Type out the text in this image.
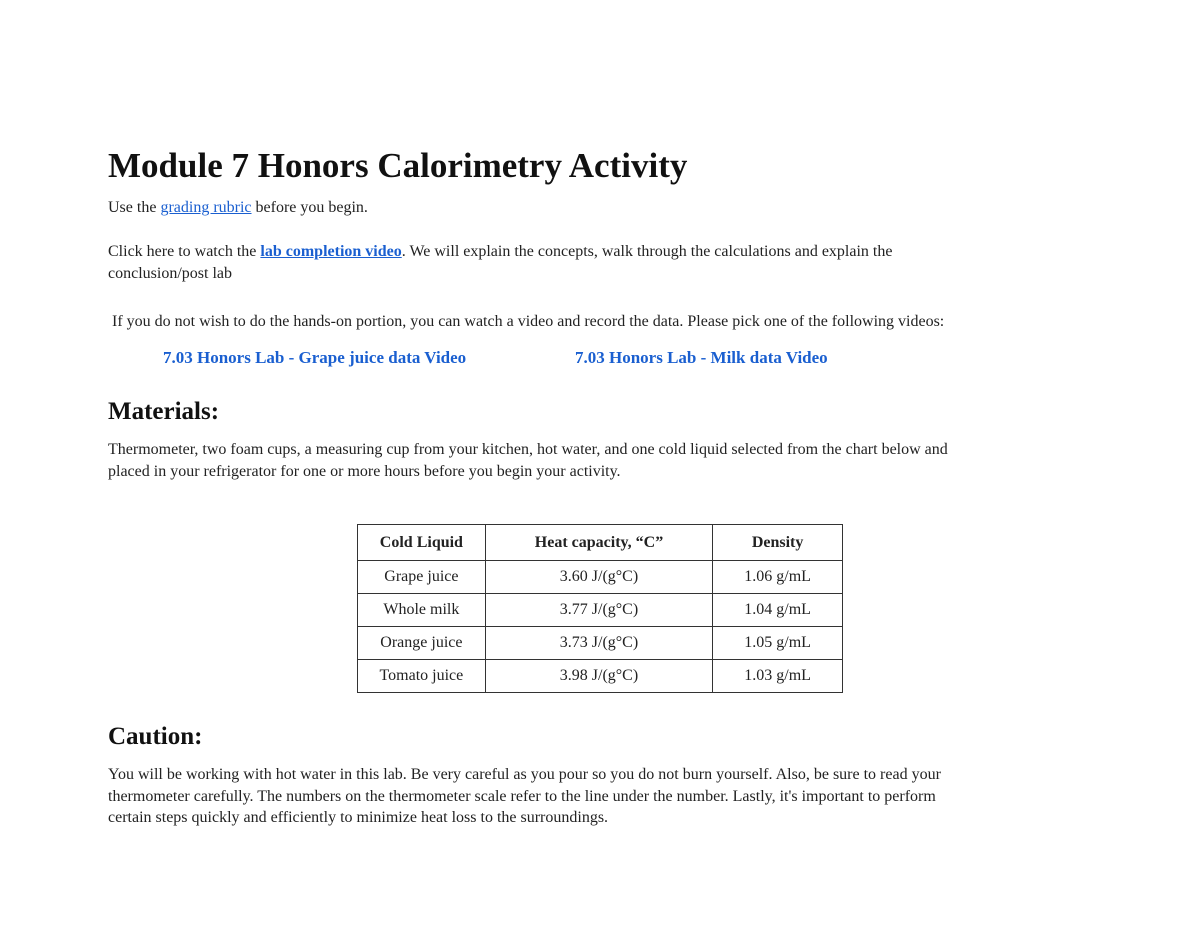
Module 7 Honors Calorimetry Activity
Use the grading rubric before you begin.
Click here to watch the lab completion video. We will explain the concepts, walk through the calculations and explain the
conclusion/post lab
If you do not wish to do the hands-on portion, you can watch a video and record the data. Please pick one of the following videos:
7.03 Honors Lab - Grape juice data Video	7.03 Honors Lab - Milk data Video
Materials:
Thermometer, two foam cups, a measuring cup from your kitchen, hot water, and one cold liquid selected from the chart below and
placed in your refrigerator for one or more hours before you begin your activity.
Cold Liquid	Heat capacity, “C”	Density
Grape juice	3.60 J/(g°C)	1.06 g/mL
Whole milk	3.77 J/(g°C)	1.04 g/mL
Orange juice	3.73 J/(g°C)	1.05 g/mL
Tomato juice	3.98 J/(g°C)	1.03 g/mL
Caution:
You will be working with hot water in this lab. Be very careful as you pour so you do not burn yourself. Also, be sure to read your
thermometer carefully. The numbers on the thermometer scale refer to the line under the number. Lastly, it's important to perform
certain steps quickly and efficiently to minimize heat loss to the surroundings.
